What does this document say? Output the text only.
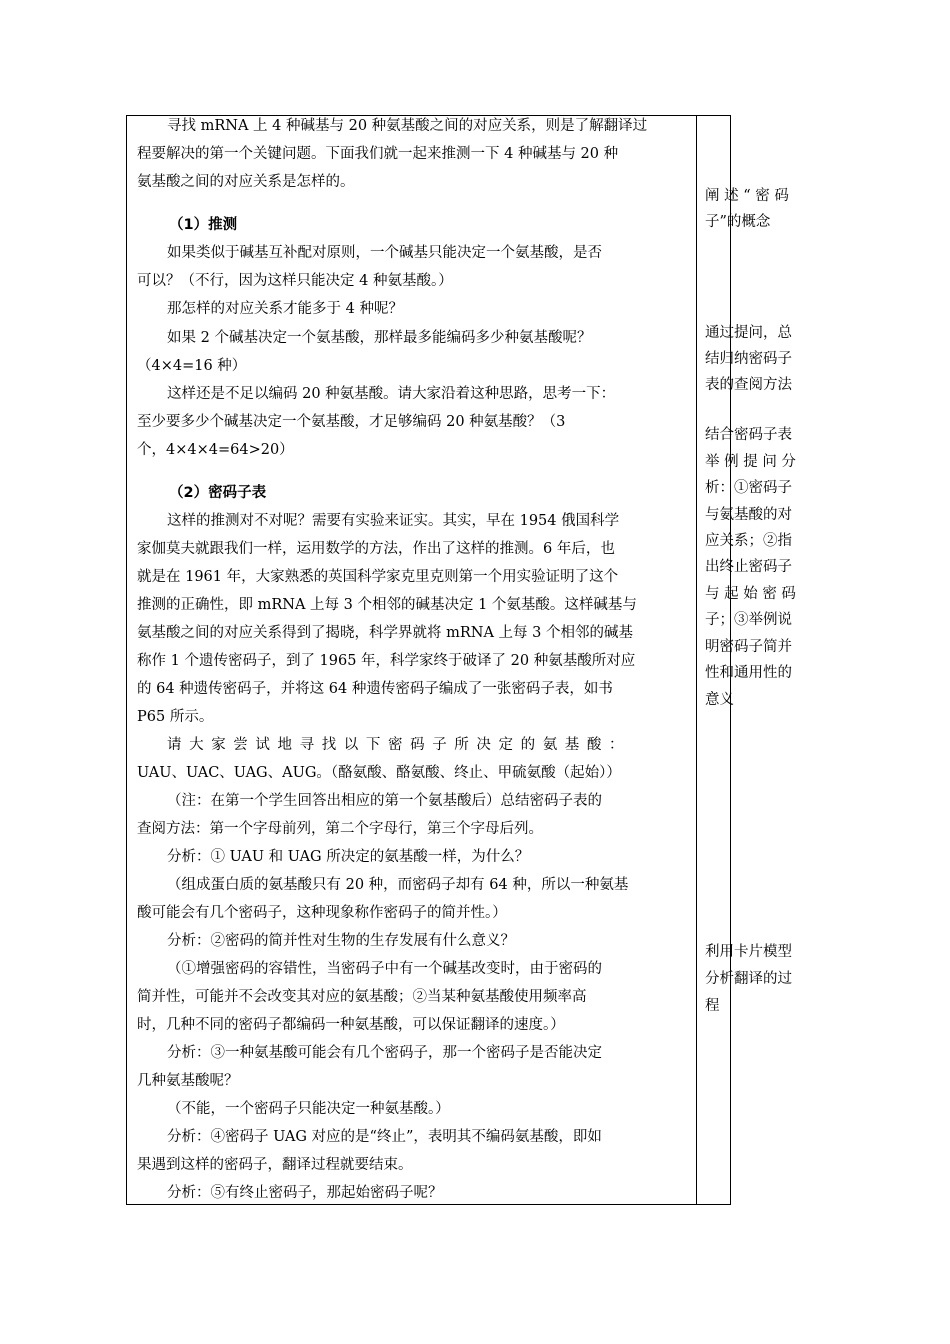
寻找 mRNA 上 4 种碱基与 20 种氨基酸之间的对应关系，则是了解翻译过
程要解决的第一个关键问题。下面我们就一起来推测一下 4 种碱基与 20 种
氨基酸之间的对应关系是怎样的。
（1）推测
如果类似于碱基互补配对原则，一个碱基只能决定一个氨基酸，是否
可以？（不行，因为这样只能决定 4 种氨基酸。）
那怎样的对应关系才能多于 4 种呢？
如果 2 个碱基决定一个氨基酸，那样最多能编码多少种氨基酸呢？
（4×4=16 种）
这样还是不足以编码 20 种氨基酸。请大家沿着这种思路，思考一下：
至少要多少个碱基决定一个氨基酸，才足够编码 20 种氨基酸？（3
个，4×4×4=64>20）
（2）密码子表
这样的推测对不对呢？需要有实验来证实。其实，早在 1954 俄国科学
家伽莫夫就跟我们一样，运用数学的方法，作出了这样的推测。6 年后，也
就是在 1961 年，大家熟悉的英国科学家克里克则第一个用实验证明了这个
推测的正确性，即 mRNA 上每 3 个相邻的碱基决定 1 个氨基酸。这样碱基与
氨基酸之间的对应关系得到了揭晓，科学界就将 mRNA 上每 3 个相邻的碱基
称作 1 个遗传密码子，到了 1965 年，科学家终于破译了 20 种氨基酸所对应
的 64 种遗传密码子，并将这 64 种遗传密码子编成了一张密码子表，如书
P65 所示。
请大家尝试地寻找以下密码子所决定的氨基酸：
UAU、UAC、UAG、AUG。（酪氨酸、酪氨酸、终止、甲硫氨酸（起始））
（注：在第一个学生回答出相应的第一个氨基酸后）总结密码子表的
查阅方法：第一个字母前列，第二个字母行，第三个字母后列。
分析：① UAU 和 UAG 所决定的氨基酸一样，为什么？
（组成蛋白质的氨基酸只有 20 种，而密码子却有 64 种，所以一种氨基
酸可能会有几个密码子，这种现象称作密码子的简并性。）
分析：②密码的简并性对生物的生存发展有什么意义？
（①增强密码的容错性，当密码子中有一个碱基改变时，由于密码的
简并性，可能并不会改变其对应的氨基酸；②当某种氨基酸使用频率高
时，几种不同的密码子都编码一种氨基酸，可以保证翻译的速度。）
分析：③一种氨基酸可能会有几个密码子，那一个密码子是否能决定
几种氨基酸呢？
（不能，一个密码子只能决定一种氨基酸。）
分析：④密码子 UAG 对应的是“终止”，表明其不编码氨基酸，即如
果遇到这样的密码子，翻译过程就要结束。
分析：⑤有终止密码子，那起始密码子呢？
阐 述 “ 密 码
子”的概念
通过提问，总
结归纳密码子
表的查阅方法
结合密码子表
举 例 提 问 分
析：①密码子
与氨基酸的对
应关系；②指
出终止密码子
与 起 始 密 码
子；③举例说
明密码子简并
性和通用性的
意义
利用卡片模型
分析翻译的过
程
